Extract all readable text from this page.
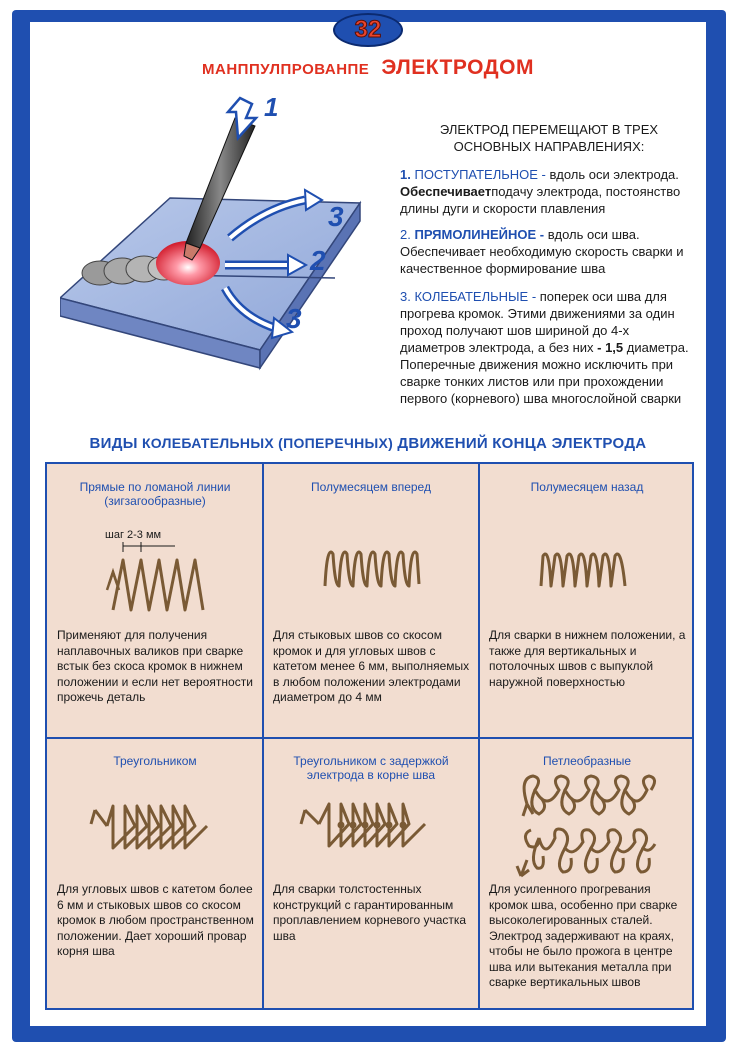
32
МАНППУЛПРОВАНПЕ ЭЛЕКТРОДОМ
1
3
2
3
ЭЛЕКТРОД ПЕРЕМЕЩАЮТ В ТРЕХ
ОСНОВНЫХ НАПРАВЛЕНИЯХ:
1. ПОСТУПАТЕЛЬНОЕ - вдоль оси электрода. Обеспечиваетподачу электрода, постоянство длины дуги и скорости плавления
2. ПРЯМОЛИНЕЙНОЕ - вдоль оси шва. Обеспечивает необходимую скорость сварки и качественное формирование шва
3. КОЛЕБАТЕЛЬНЫЕ - поперек оси шва для прогрева кромок. Этими движениями за один проход получают шов шириной до 4-х диаметров электрода, а без них - 1,5 диаметра. Поперечные движения можно исключить при сварке тонких листов или при прохождении первого (корневого) шва многослойной сварки
ВИДЫ КОЛЕБАТЕЛЬНЫХ (ПОПЕРЕЧНЫХ) ДВИЖЕНИЙ КОНЦА ЭЛЕКТРОДА
Прямые по ломаной линии (зигзагообразные)
шаг 2-3 мм
Применяют для получения наплавочных валиков при сварке встык без скоса кромок в нижнем положении и если нет вероятности прожечь деталь
Полумесяцем вперед
Для стыковых швов со скосом кромок и для угловых швов с катетом менее 6 мм, выполняемых в любом положении электродами диаметром до 4 мм
Полумесяцем назад
Для сварки в нижнем положении, а также для вертикальных и потолочных швов с выпуклой наружной поверхностью
Треугольником
Для угловых швов с катетом более 6 мм и стыковых швов со скосом кромок в любом пространственном положении. Дает хороший провар корня шва
Треугольником с задержкой электрода в корне шва
Для сварки толстостенных конструкций с гарантированным проплавлением корневого участка шва
Петлеобразные
Для усиленного прогревания кромок шва, особенно при сварке высоколегированных сталей. Электрод задерживают на краях, чтобы не было прожога в центре шва или вытекания металла при сварке вертикальных швов
